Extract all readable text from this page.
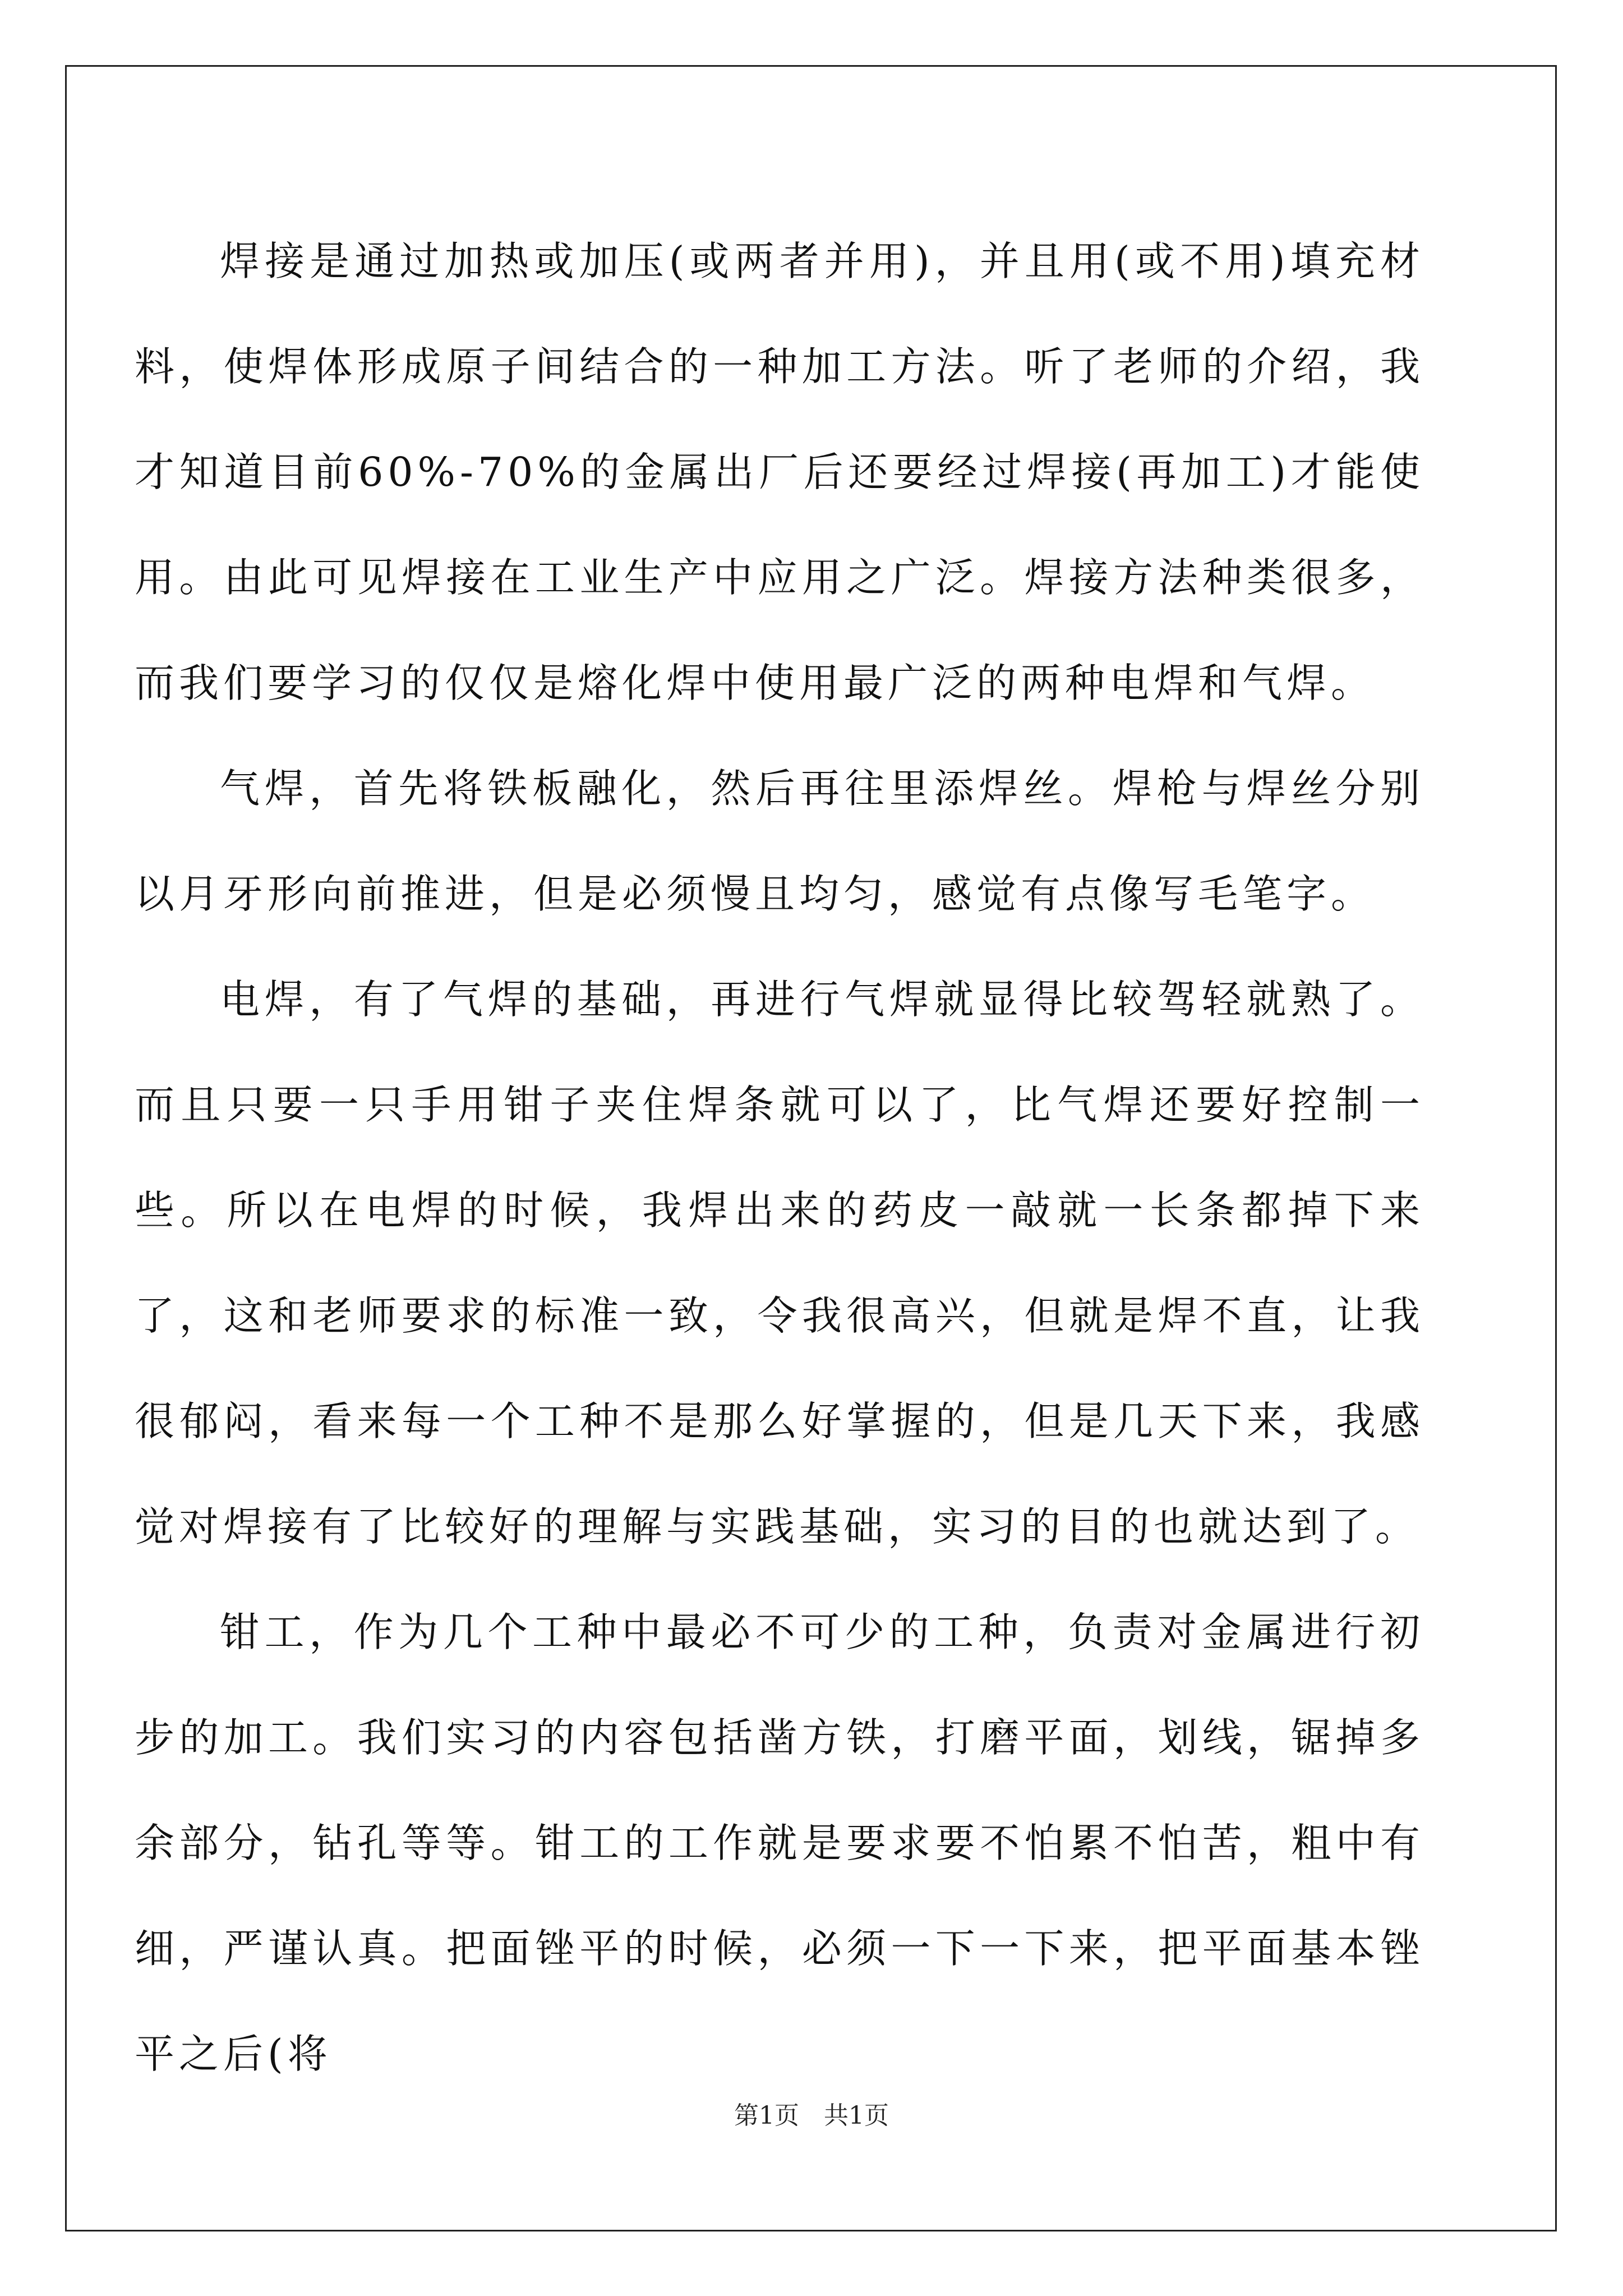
焊接是通过加热或加压(或两者并用)，并且用(或不用)填充材料，使焊体形成原子间结合的一种加工方法。听了老师的介绍，我才知道目前60%-70%的金属出厂后还要经过焊接(再加工)才能使用。由此可见焊接在工业生产中应用之广泛。焊接方法种类很多，而我们要学习的仅仅是熔化焊中使用最广泛的两种电焊和气焊。

气焊，首先将铁板融化，然后再往里添焊丝。焊枪与焊丝分别以月牙形向前推进，但是必须慢且均匀，感觉有点像写毛笔字。

电焊，有了气焊的基础，再进行气焊就显得比较驾轻就熟了。而且只要一只手用钳子夹住焊条就可以了，比气焊还要好控制一些。所以在电焊的时候，我焊出来的药皮一敲就一长条都掉下来了，这和老师要求的标准一致，令我很高兴，但就是焊不直，让我很郁闷，看来每一个工种不是那么好掌握的，但是几天下来，我感觉对焊接有了比较好的理解与实践基础，实习的目的也就达到了。

钳工，作为几个工种中最必不可少的工种，负责对金属进行初步的加工。我们实习的内容包括凿方铁，打磨平面，划线，锯掉多余部分，钻孔等等。钳工的工作就是要求要不怕累不怕苦，粗中有细，严谨认真。把面锉平的时候，必须一下一下来，把平面基本锉平之后(将

第1页 共1页
